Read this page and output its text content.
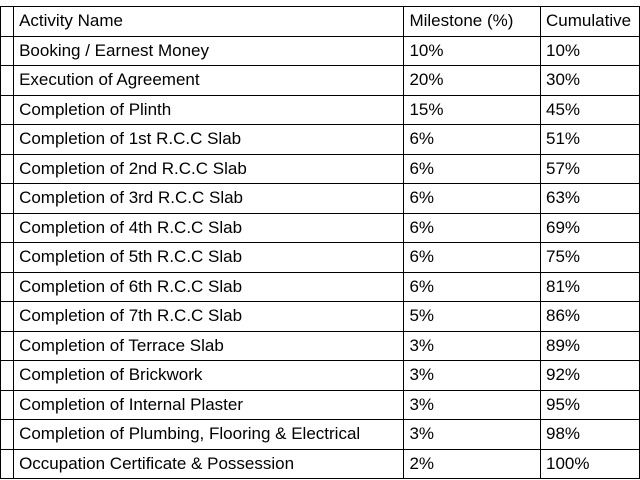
	Activity Name	Milestone (%)	Cumulative
	Booking / Earnest Money	10%	10%
	Execution of Agreement	20%	30%
	Completion of Plinth	15%	45%
	Completion of 1st R.C.C Slab	6%	51%
	Completion of 2nd R.C.C Slab	6%	57%
	Completion of 3rd R.C.C Slab	6%	63%
	Completion of 4th R.C.C Slab	6%	69%
	Completion of 5th R.C.C Slab	6%	75%
	Completion of 6th R.C.C Slab	6%	81%
	Completion of 7th R.C.C Slab	5%	86%
	Completion of Terrace Slab	3%	89%
	Completion of Brickwork	3%	92%
	Completion of Internal Plaster	3%	95%
	Completion of Plumbing, Flooring & Electrical	3%	98%
	Occupation Certificate & Possession	2%	100%
